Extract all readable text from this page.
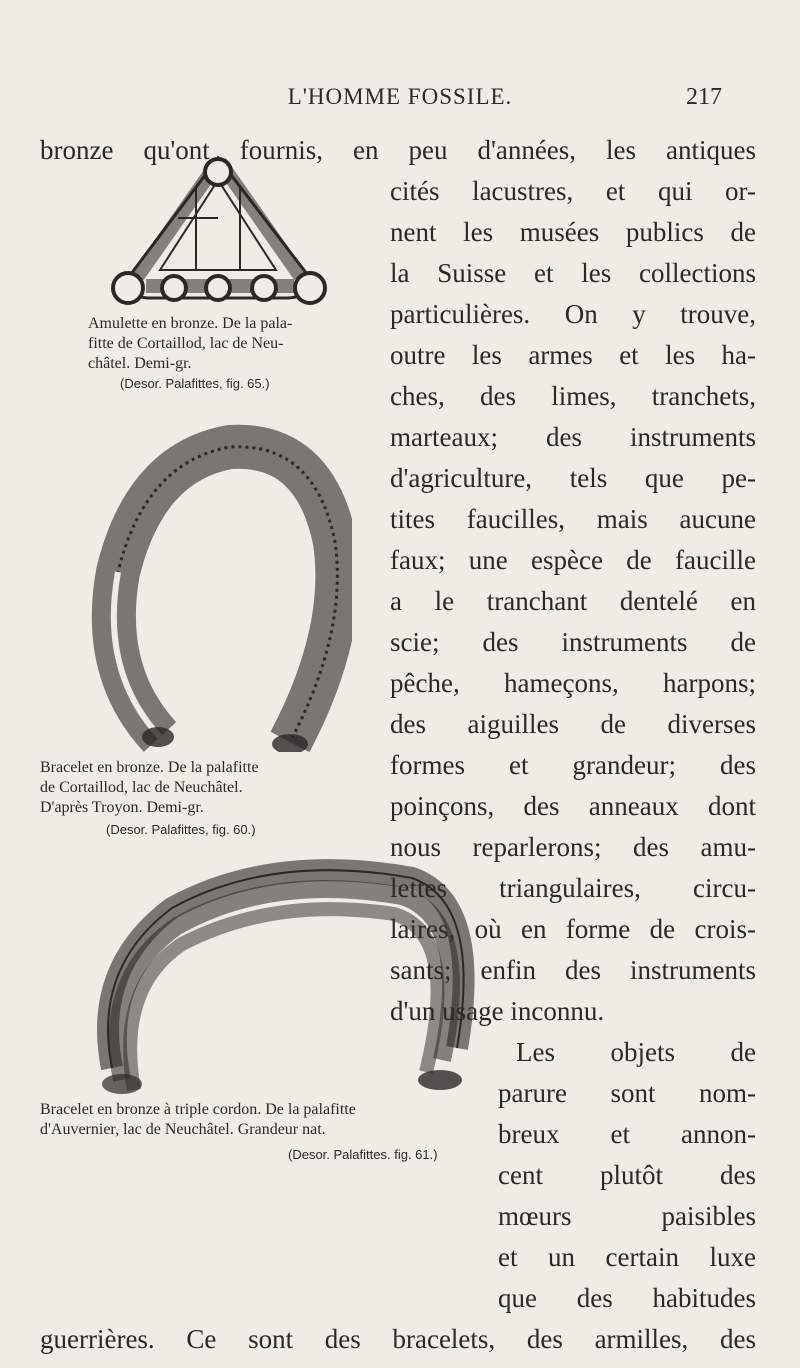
L'HOMME FOSSILE.	217
Amulette en bronze. De la pala-
fitte de Cortaillod, lac de Neu-
châtel. Demi-gr.
(Desor. Palafittes, fig. 65.)
Bracelet en bronze. De la palafitte
de Cortaillod, lac de Neuchâtel.
D'après Troyon. Demi-gr.
(Desor. Palafittes, fig. 60.)
Bracelet en bronze à triple cordon. De la palafitte
d'Auvernier, lac de Neuchâtel. Grandeur nat.
(Desor. Palafittes. fig. 61.)
bronze qu'ont fournis, en peu d'années, les antiques
cités lacustres, et qui or-
nent les musées publics de
la Suisse et les collections
particulières. On y trouve,
outre les armes et les ha-
ches, des limes, tranchets,
marteaux; des instruments
d'agriculture, tels que pe-
tites faucilles, mais aucune
faux; une espèce de faucille
a le tranchant dentelé en
scie; des instruments de
pêche, hameçons, harpons;
des aiguilles de diverses
formes et grandeur; des
poinçons, des anneaux dont
nous reparlerons; des amu-
lettes triangulaires, circu-
laires, où en forme de crois-
sants; enfin des instruments
d'un usage inconnu.
Les objets de
parure sont nom-
breux et annon-
cent plutôt des
mœurs paisibles
et un certain luxe
que des habitudes
guerrières. Ce sont des bracelets, des armilles, des
